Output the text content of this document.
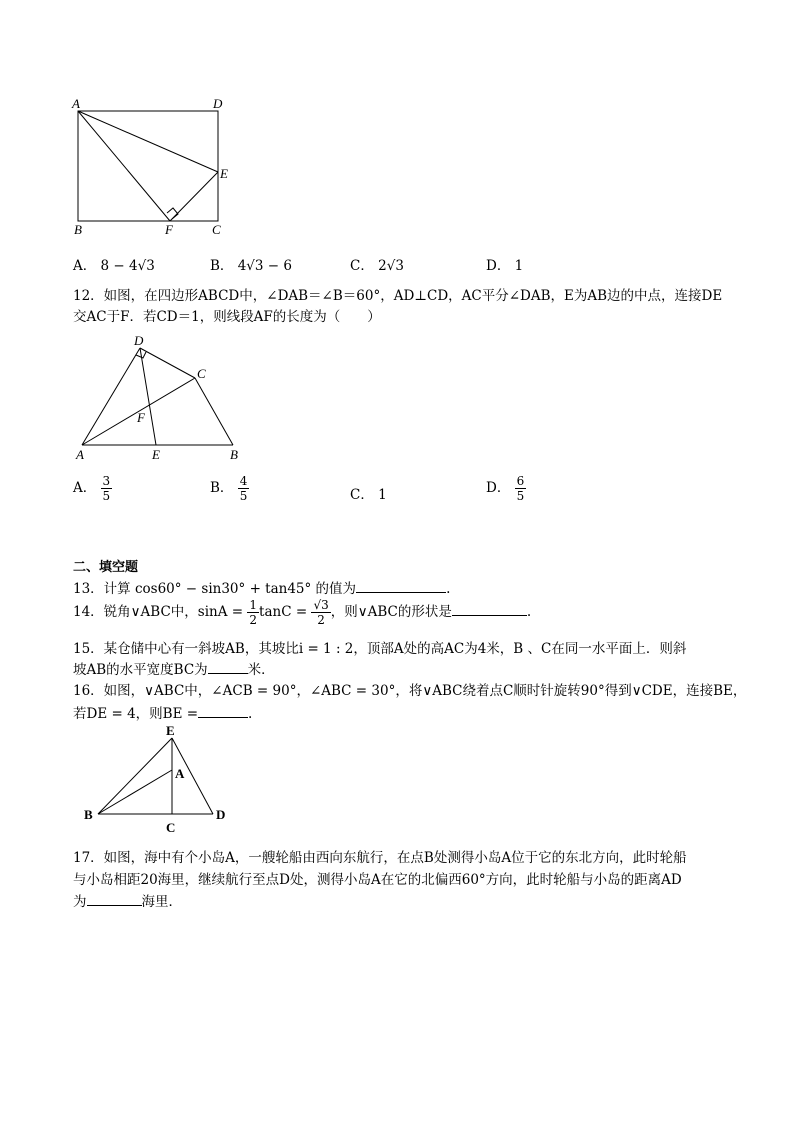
A	D
E
B	F	C
A． 8 − 4√3	B． 4√3 − 6	C． 2√3	D． 1
12．如图，在四边形ABCD中，∠DAB＝∠B＝60°，AD⊥CD，AC平分∠DAB，E为AB边的中点，连接DE
交AC于F．若CD＝1，则线段AF的长度为（　　）
D
C
F
A	E	B
A． $\frac{3}{5}$	B． $\frac{4}{5}$	C． 1	D． $\frac{6}{5}$
二、填空题
13．计算 cos60° − sin30° + tan45° 的值为	.
14．锐角∨ABC中，$\sin A = \frac{1}{2}$ $\tan C = \frac{√3}{2}$ ，则∨ABC的形状是	.
15．某仓储中心有一斜坡AB，其坡比i = 1 : 2，顶部A处的高AC为4米，B 、C在同一水平面上．则斜
坡AB的水平宽度BC为	米．
16．如图，∨ABC中，∠ACB = 90°，∠ABC = 30°，将∨ABC绕着点C顺时针旋转90°得到∨CDE，连接BE，
若DE = 4，则BE =	.
E
A
B
C
D
17．如图，海中有个小岛A，一艘轮船由西向东航行，在点B处测得小岛A位于它的东北方向，此时轮船
与小岛相距20海里，继续航行至点D处，测得小岛A在它的北偏西60°方向，此时轮船与小岛的距离AD
为	海里．
